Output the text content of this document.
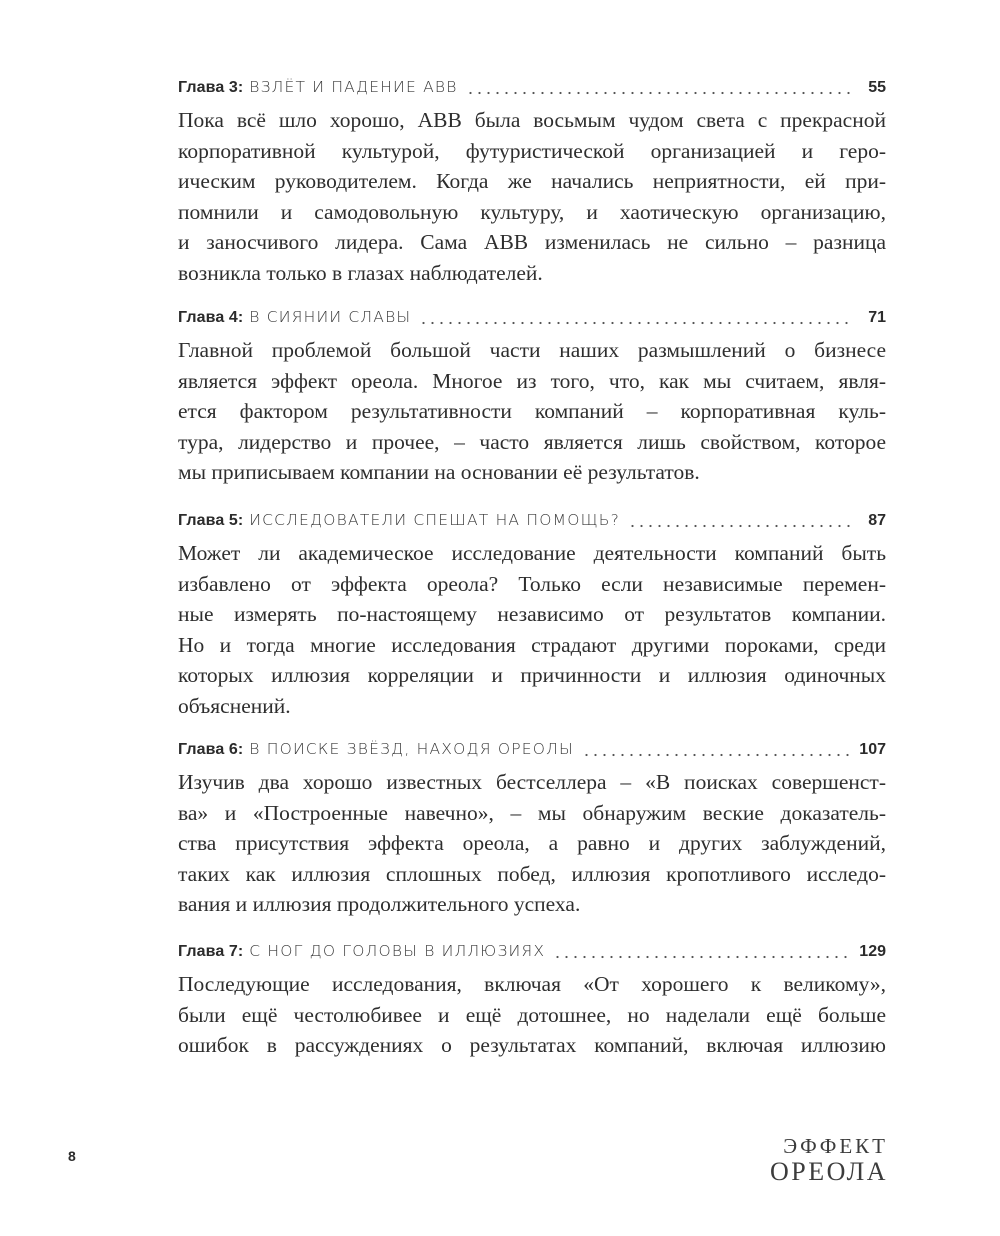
Глава 3 : ВЗЛЁТ И ПАДЕНИЕ ABB	55
Пока всё шло хорошо, ABB была восьмым чудом света с прекрасной
корпоративной культурой, футуристической организацией и геро-
ическим руководителем. Когда же начались неприятности, ей при-
помнили и самодовольную культуру, и хаотическую организацию,
и заносчивого лидера. Сама ABB изменилась не сильно – разница
возникла только в глазах наблюдателей.
Глава 4 : В СИЯНИИ СЛАВЫ	71
Главной проблемой большой части наших размышлений о бизнесе
является эффект ореола. Многое из того, что, как мы считаем, явля-
ется фактором результативности компаний – корпоративная куль-
тура, лидерство и прочее, – часто является лишь свойством, которое
мы приписываем компании на основании её результатов.
Глава 5 : ИССЛЕДОВАТЕЛИ СПЕШАТ НА ПОМОЩЬ?	87
Может ли академическое исследование деятельности компаний быть
избавлено от эффекта ореола? Только если независимые перемен-
ные измерять по-настоящему независимо от результатов компании.
Но и тогда многие исследования страдают другими пороками, среди
которых иллюзия корреляции и причинности и иллюзия одиночных
объяснений.
Глава 6 : В ПОИСКЕ ЗВЁЗД, НАХОДЯ ОРЕОЛЫ	107
Изучив два хорошо известных бестселлера – «В поисках совершенст-
ва» и «Построенные навечно», – мы обнаружим веские доказатель-
ства присутствия эффекта ореола, а равно и других заблуждений,
таких как иллюзия сплошных побед, иллюзия кропотливого исследо-
вания и иллюзия продолжительного успеха.
Глава 7 : С НОГ ДО ГОЛОВЫ В ИЛЛЮЗИЯХ	129
Последующие исследования, включая «От хорошего к великому»,
были ещё честолюбивее и ещё дотошнее, но наделали ещё больше
ошибок в рассуждениях о результатах компаний, включая иллюзию
8	ЭФФЕКТ
ОРЕОЛА
